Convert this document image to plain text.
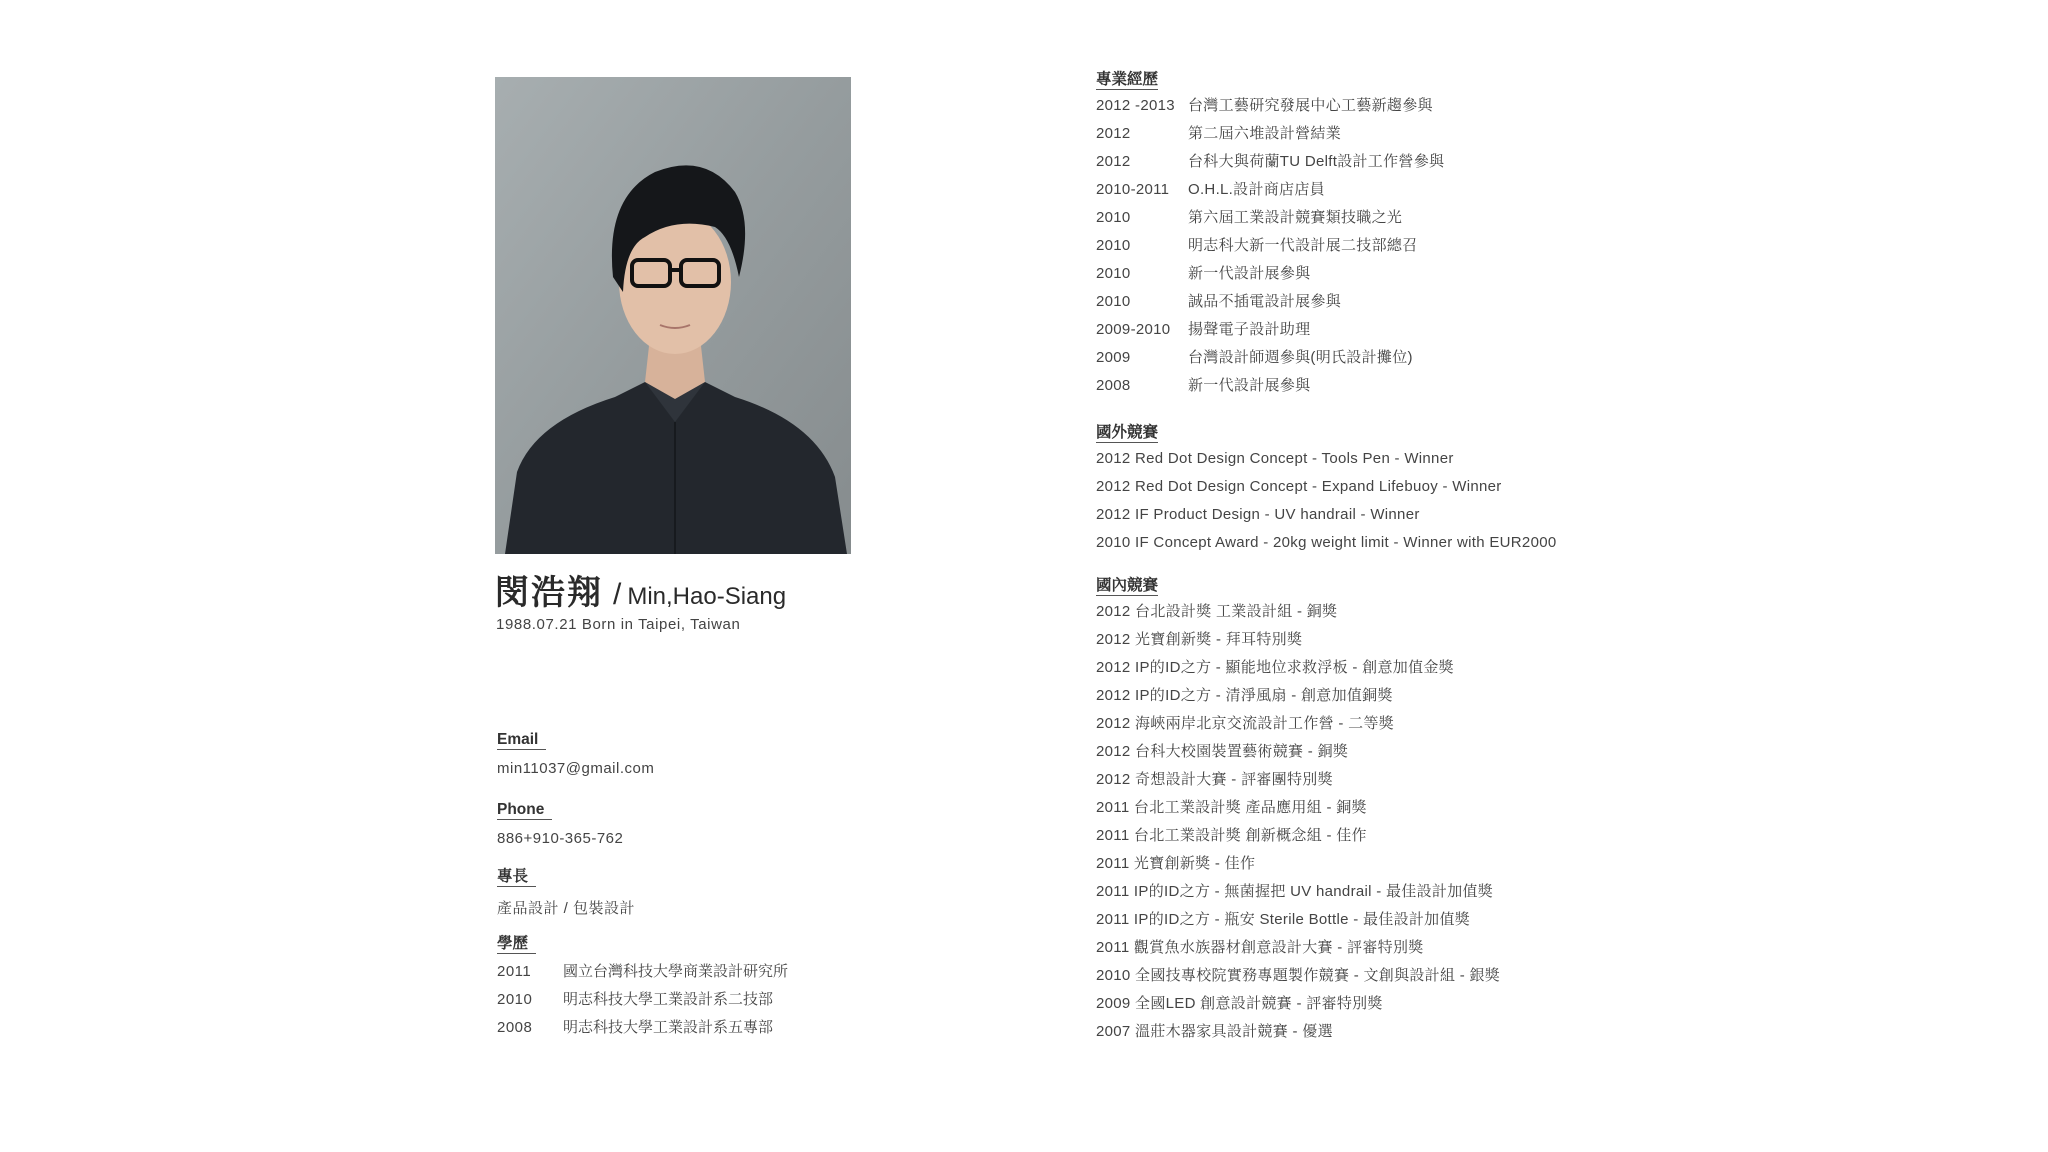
閔浩翔 / Min,Hao-Siang
1988.07.21 Born in Taipei, Taiwan
Email
min11037@gmail.com
Phone
886+910-365-762
專長
產品設計 / 包裝設計
學歷
2011	國立台灣科技大學商業設計研究所
2010	明志科技大學工業設計系二技部
2008	明志科技大學工業設計系五專部
專業經歷
2012 -2013 台灣工藝研究發展中心工藝新趨參與
2012	第二屆六堆設計營結業
2012	台科大與荷蘭TU Delft設計工作營參與
2010-2011 O.H.L.設計商店店員
2010	第六屆工業設計競賽類技職之光
2010	明志科大新一代設計展二技部總召
2010	新一代設計展參與
2010	誠品不插電設計展參與
2009-2010 揚聲電子設計助理
2009	台灣設計師週參與(明氏設計攤位)
2008	新一代設計展參與
國外競賽
2012 Red Dot Design Concept - Tools Pen - Winner
2012 Red Dot Design Concept - Expand Lifebuoy - Winner
2012 IF Product Design - UV handrail - Winner
2010 IF Concept Award - 20kg weight limit - Winner with EUR2000
國內競賽
2012 台北設計獎 工業設計組 - 銅獎
2012 光寶創新獎 - 拜耳特別獎
2012 IP的ID之方 - 顯能地位求救浮板 - 創意加值金獎
2012 IP的ID之方 - 清淨風扇 - 創意加值銅獎
2012 海峽兩岸北京交流設計工作營 - 二等獎
2012 台科大校園裝置藝術競賽 - 銅獎
2012 奇想設計大賽 - 評審團特別獎
2011 台北工業設計獎 產品應用組 - 銅獎
2011 台北工業設計獎 創新概念組 - 佳作
2011 光寶創新獎 - 佳作
2011 IP的ID之方 - 無菌握把 UV handrail - 最佳設計加值獎
2011 IP的ID之方 - 瓶安 Sterile Bottle - 最佳設計加值獎
2011 觀賞魚水族器材創意設計大賽 - 評審特別獎
2010 全國技專校院實務專題製作競賽 - 文創與設計組 - 銀獎
2009 全國LED 創意設計競賽 - 評審特別獎
2007 溫莊木器家具設計競賽 - 優選
